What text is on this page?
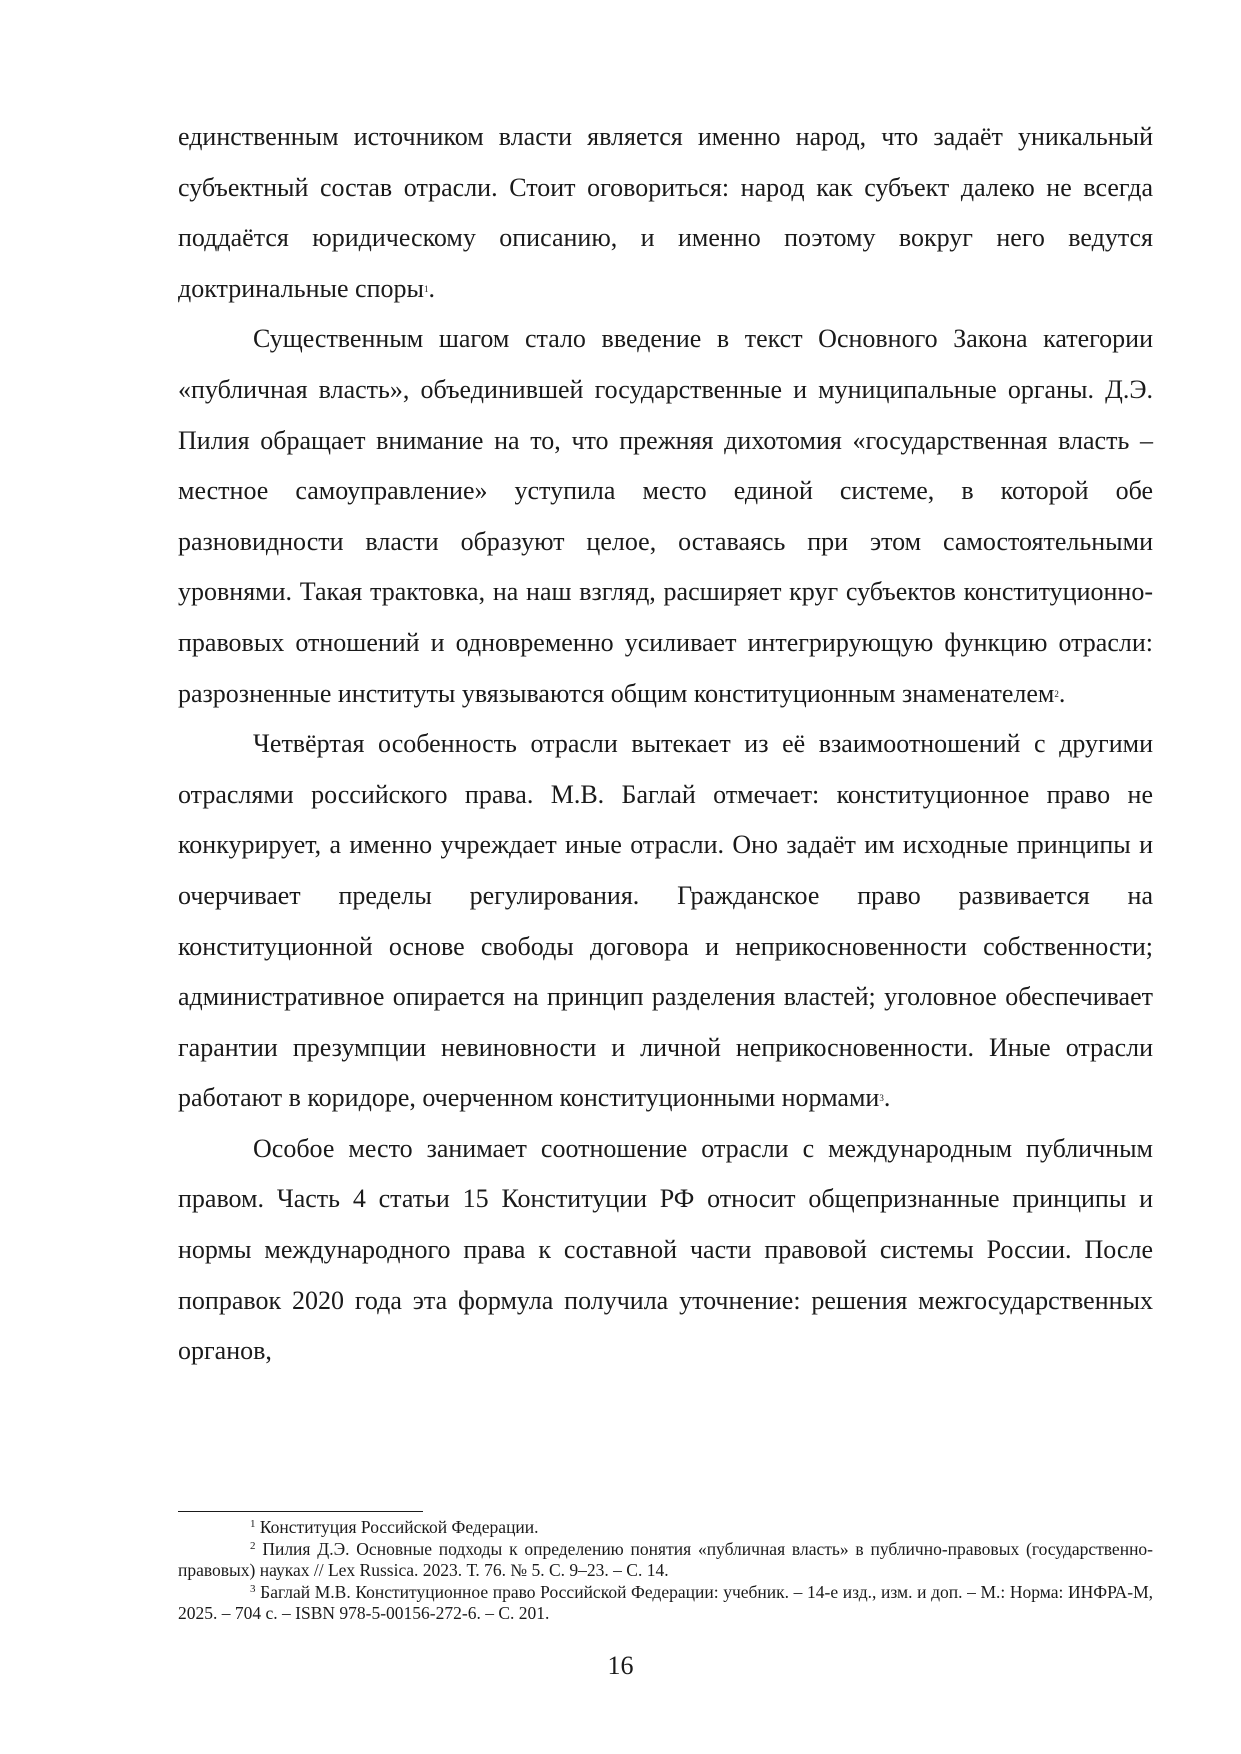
единственным источником власти является именно народ, что задаёт уникальный субъектный состав отрасли. Стоит оговориться: народ как субъект далеко не всегда поддаётся юридическому описанию, и именно поэтому вокруг него ведутся доктринальные споры$^1$.

Существенным шагом стало введение в текст Основного Закона категории «публичная власть», объединившей государственные и муниципальные органы. Д.Э. Пилия обращает внимание на то, что прежняя дихотомия «государственная власть – местное самоуправление» уступила место единой системе, в которой обе разновидности власти образуют целое, оставаясь при этом самостоятельными уровнями. Такая трактовка, на наш взгляд, расширяет круг субъектов конституционно-правовых отношений и одновременно усиливает интегрирующую функцию отрасли: разрозненные институты увязываются общим конституционным знаменателем$^2$.

Четвёртая особенность отрасли вытекает из её взаимоотношений с другими отраслями российского права. М.В. Баглай отмечает: конституционное право не конкурирует, а именно учреждает иные отрасли. Оно задаёт им исходные принципы и очерчивает пределы регулирования. Гражданское право развивается на конституционной основе свободы договора и неприкосновенности собственности; административное опирается на принцип разделения властей; уголовное обеспечивает гарантии презумпции невиновности и личной неприкосновенности. Иные отрасли работают в коридоре, очерченном конституционными нормами$^3$.

Особое место занимает соотношение отрасли с международным публичным правом. Часть 4 статьи 15 Конституции РФ относит общепризнанные принципы и нормы международного права к составной части правовой системы России. После поправок 2020 года эта формула получила уточнение: решения межгосударственных органов,

$^1$ Конституция Российской Федерации.

$^2$ Пилия Д.Э. Основные подходы к определению понятия «публичная власть» в публично-правовых (государственно-правовых) науках // Lex Russica. 2023. Т. 76. № 5. С. 9–23. – С. 14.

$^3$ Баглай М.В. Конституционное право Российской Федерации: учебник. – 14-е изд., изм. и доп. – М.: Норма: ИНФРА-М, 2025. – 704 с. – ISBN 978-5-00156-272-6. – С. 201.

16
